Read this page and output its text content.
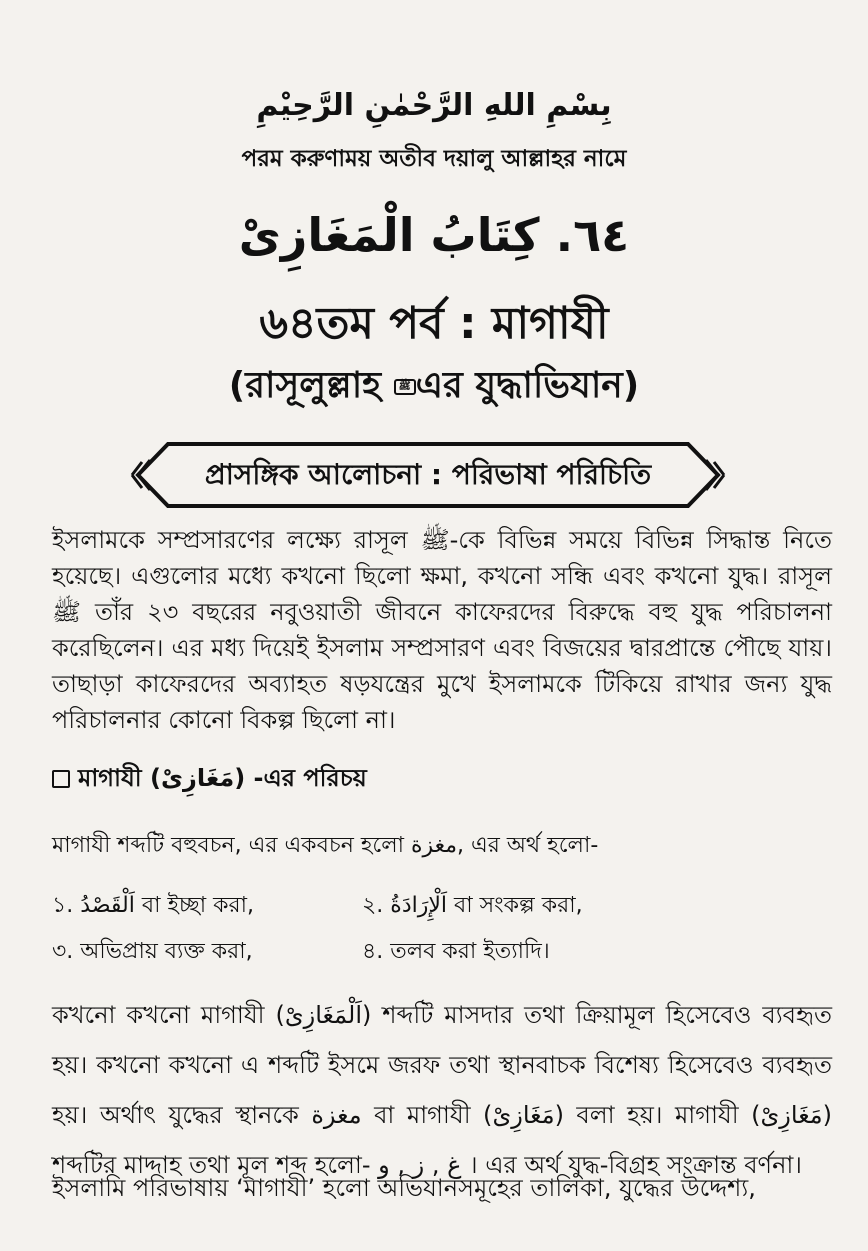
بِسْمِ اللهِ الرَّحْمٰنِ الرَّحِيْمِ
পরম করুণাময় অতীব দয়ালু আল্লাহর নামে
٦٤. كِتَابُ الْمَغَازِىْ
৬৪তম পর্ব : মাগাযী
(রাসূলুল্লাহ ﷺ এর যুদ্ধাভিযান)
প্রাসঙ্গিক আলোচনা : পরিভাষা পরিচিতি
ইসলামকে সম্প্রসারণের লক্ষ্যে রাসূল ﷺ-কে বিভিন্ন সময়ে বিভিন্ন সিদ্ধান্ত নিতে হয়েছে। এগুলোর মধ্যে কখনো ছিলো ক্ষমা, কখনো সন্ধি এবং কখনো যুদ্ধ। রাসূল ﷺ তাঁর ২৩ বছরের নবুওয়াতী জীবনে কাফেরদের বিরুদ্ধে বহু যুদ্ধ পরিচালনা করেছিলেন। এর মধ্য দিয়েই ইসলাম সম্প্রসারণ এবং বিজয়ের দ্বারপ্রান্তে পৌছে যায়। তাছাড়া কাফেরদের অব্যাহত ষড়যন্ত্রের মুখে ইসলামকে টিকিয়ে রাখার জন্য যুদ্ধ পরিচালনার কোনো বিকল্প ছিলো না।
মাগাযী (مَغَازِىْ) -এর পরিচয়
মাগাযী শব্দটি বহুবচন, এর একবচন হলো مغزة, এর অর্থ হলো-
১. اَلْقَصْدُ বা ইচ্ছা করা,	২. اَلْإِرَادَةُ বা সংকল্প করা,
৩. অভিপ্রায় ব্যক্ত করা,	৪. তলব করা ইত্যাদি।
কখনো কখনো মাগাযী (اَلْمَغَازِىْ) শব্দটি মাসদার তথা ক্রিয়ামূল হিসেবেও ব্যবহৃত হয়। কখনো কখনো এ শব্দটি ইসমে জরফ তথা স্থানবাচক বিশেষ্য হিসেবেও ব্যবহৃত হয়। অর্থাৎ যুদ্ধের স্থানকে مغزة বা মাগাযী (مَغَازِىْ) বলা হয়। মাগাযী (مَغَازِىْ) শব্দটির মাদ্দাহ তথা মূল শব্দ হলো- غ , ز , و । এর অর্থ যুদ্ধ-বিগ্রহ সংক্রান্ত বর্ণনা।
ইসলামি পরিভাষায় ‘মাগাযী’ হলো অভিযানসমূহের তালিকা, যুদ্ধের উদ্দেশ্য,
